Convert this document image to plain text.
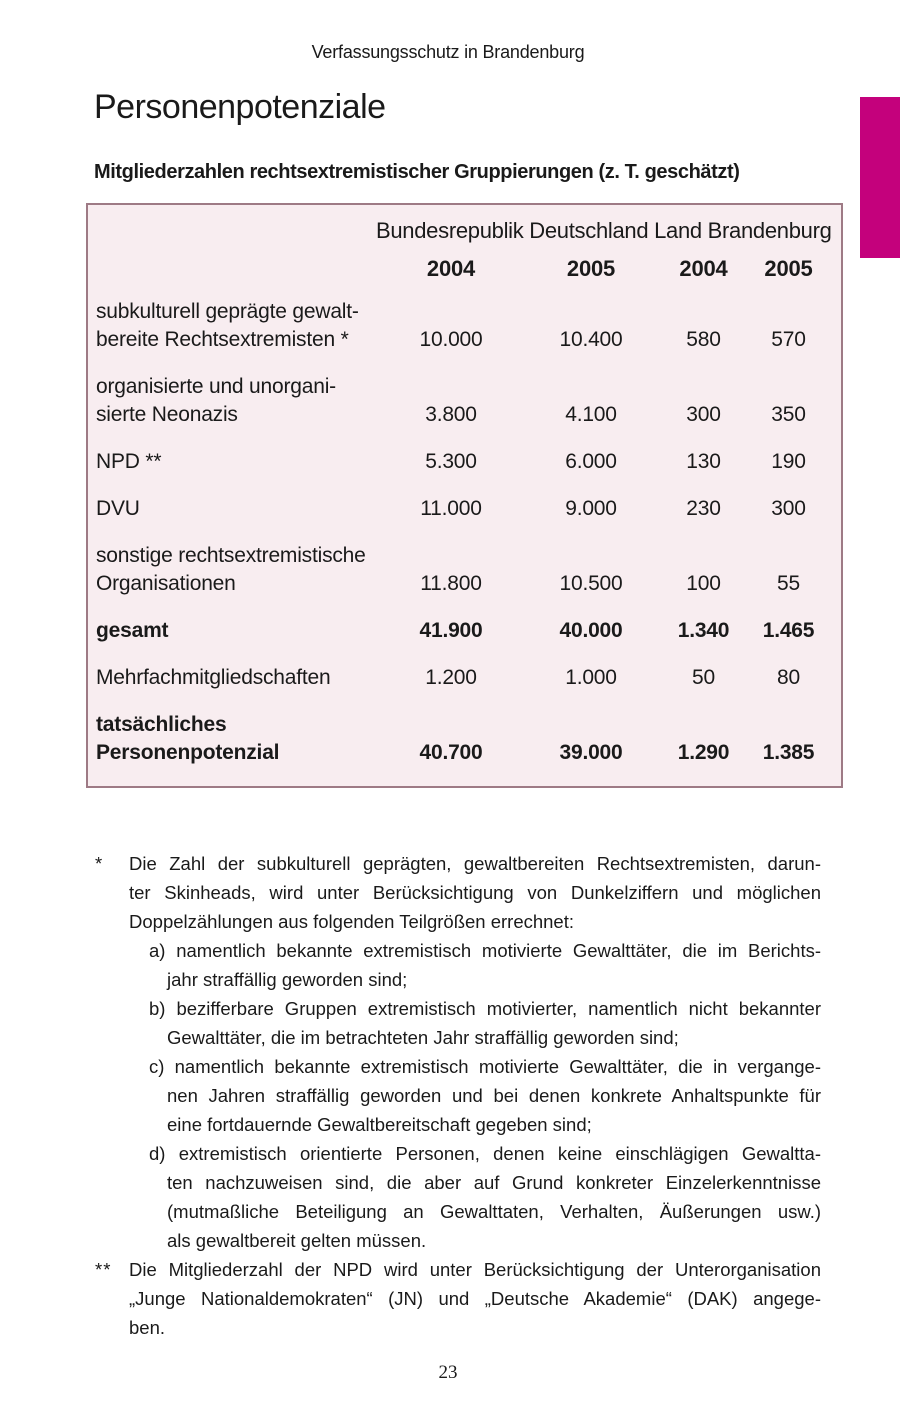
Verfassungsschutz in Brandenburg
Personenpotenziale
Mitgliederzahlen rechtsextremistischer Gruppierungen (z. T. geschätzt)
Bundesrepublik Deutschland Land Brandenburg
2004	2005	2004	2005
subkulturell geprägte gewalt-
bereite Rechtsextremisten *	10.000	10.400	580	570
organisierte und unorgani-
sierte Neonazis	3.800	4.100	300	350
NPD **	5.300	6.000	130	190
DVU	11.000	9.000	230	300
sonstige rechtsextremistische
Organisationen	11.800	10.500	100	55
gesamt	41.900	40.000	1.340	1.465
Mehrfachmitgliedschaften	1.200	1.000	50	80
tatsächliches
Personenpotenzial	40.700	39.000	1.290	1.385
* Die Zahl der subkulturell geprägten, gewaltbereiten Rechtsextremisten, darun-
ter Skinheads, wird unter Berücksichtigung von Dunkelziffern und möglichen
Doppelzählungen aus folgenden Teilgrößen errechnet:
a) namentlich bekannte extremistisch motivierte Gewalttäter, die im Berichts-
jahr straffällig geworden sind;
b) bezifferbare Gruppen extremistisch motivierter, namentlich nicht bekannter
Gewalttäter, die im betrachteten Jahr straffällig geworden sind;
c) namentlich bekannte extremistisch motivierte Gewalttäter, die in vergange-
nen Jahren straffällig geworden und bei denen konkrete Anhaltspunkte für
eine fortdauernde Gewaltbereitschaft gegeben sind;
d) extremistisch orientierte Personen, denen keine einschlägigen Gewaltta-
ten nachzuweisen sind, die aber auf Grund konkreter Einzelerkenntnisse
(mutmaßliche Beteiligung an Gewalttaten, Verhalten, Äußerungen usw.)
als gewaltbereit gelten müssen.
** Die Mitgliederzahl der NPD wird unter Berücksichtigung der Unterorganisation
„Junge Nationaldemokraten“ (JN) und „Deutsche Akademie“ (DAK) angege-
ben.
23
